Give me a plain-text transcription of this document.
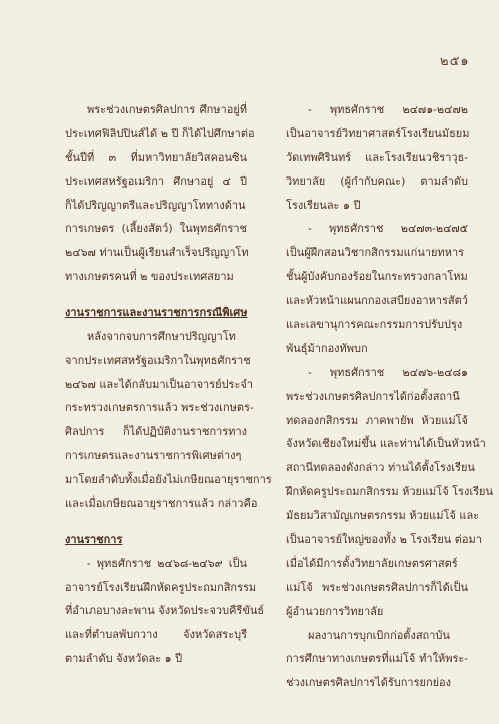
๒๕๑
พระช่วงเกษตรศิลปการ ศึกษาอยู่ที่
ประเทศฟิลิปปินส์ได้ ๒ ปี ก็ได้ไปศึกษาต่อ
ชั้นปีที่ ๓ ที่มหาวิทยาลัยวิสคอนซิน
ประเทศสหรัฐอเมริกา ศึกษาอยู่ ๔ ปี
ก็ได้ปริญญาตรีและปริญญาโททางด้าน
การเกษตร (เลี้ยงสัตว์) ในพุทธศักราช
๒๔๖๗ ท่านเป็นผู้เรียนสำเร็จปริญญาโท
ทางเกษตรคนที่ ๒ ของประเทศสยาม
งานราชการและงานราชการกรณีพิเศษ
หลังจากจบการศึกษาปริญญาโท
จากประเทศสหรัฐอเมริกาในพุทธศักราช
๒๔๖๗ และได้กลับมาเป็นอาจารย์ประจำ
กระทรวงเกษตรการแล้ว พระช่วงเกษตร-
ศิลปการ ก็ได้ปฏิบัติงานราชการทาง
การเกษตรและงานราชการพิเศษต่างๆ
มาโดยลำดับทั้งเมื่อยังไม่เกษียณอายุราชการ
และเมื่อเกษียณอายุราชการแล้ว กล่าวคือ
งานราชการ
- พุทธศักราช ๒๔๖๘-๒๔๖๙ เป็น
อาจารย์โรงเรียนฝึกหัดครูประถมกสิกรรม
ที่อำเภอบางละพาน จังหวัดประจวบคีรีขันธ์
และที่ตำบลพับกวาง จังหวัดสระบุรี
ตามลำดับ จังหวัดละ ๑ ปี
- พุทธศักราช ๒๔๗๑-๒๔๗๒
เป็นอาจารย์วิทยาศาสตร์โรงเรียนมัธยม
วัดเทพศิรินทร์ และโรงเรียนวชิราวุธ-
วิทยาลัย (ผู้กำกับคณะ) ตามลำดับ
โรงเรียนละ ๑ ปี
- พุทธศักราช ๒๔๗๓-๒๔๗๕
เป็นผู้ฝึกสอนวิชากสิกรรมแก่นายทหาร
ชั้นผู้บังคับกองร้อยในกระทรวงกลาโหม
และหัวหน้าแผนกกองเสบียงอาหารสัตว์
และเลขานุการคณะกรรมการปรับปรุง
พันธุ์ม้ากองทัพบก
- พุทธศักราช ๒๔๗๖-๒๔๘๑
พระช่วงเกษตรศิลปการได้ก่อตั้งสถานี
ทดลองกสิกรรม ภาคพายัพ ห้วยแม่โจ้
จังหวัดเชียงใหม่ขึ้น และท่านได้เป็นหัวหน้า
สถานีทดลองดังกล่าว ท่านได้ตั้งโรงเรียน
ฝึกหัดครูประถมกสิกรรม ห้วยแม่โจ้ โรงเรียน
มัธยมวิสามัญเกษตรกรรม ห้วยแม่โจ้ และ
เป็นอาจารย์ใหญ่ของทั้ง ๒ โรงเรียน ต่อมา
เมื่อได้มีการตั้งวิทยาลัยเกษตรศาสตร์
แม่โจ้ พระช่วงเกษตรศิลปการก็ได้เป็น
ผู้อำนวยการวิทยาลัย
ผลงานการบุกเบิกก่อตั้งสถาบัน
การศึกษาทางเกษตรที่แม่โจ้ ทำให้พระ-
ช่วงเกษตรศิลปการได้รับการยกย่อง
